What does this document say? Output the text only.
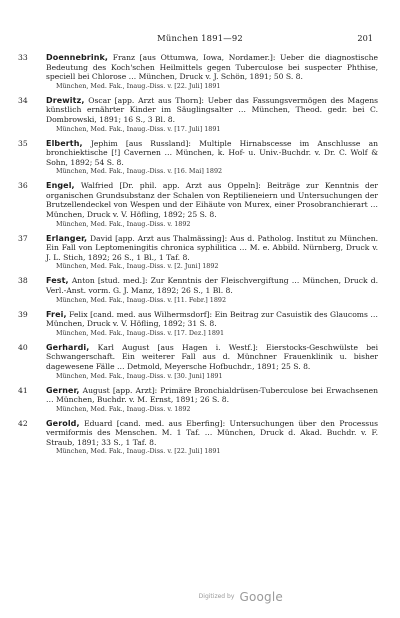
München 1891—92	201
33 Doennebrink, Franz [aus Ottumwa, Iowa, Nordamer.]: Ueber die diagnostische Bedeutung des Koch'schen Heilmittels gegen Tuberculose bei suspecter Phthise, speciell bei Chlorose … München, Druck v. J. Schön, 1891; 50 S. 8.
München, Med. Fak., Inaug.-Diss. v. [22. Juli] 1891
34 Drewitz, Oscar [app. Arzt aus Thorn]: Ueber das Fassungsvermögen des Magens künstlich ernährter Kinder im Säuglingsalter … München, Theod. gedr. bei C. Dombrowski, 1891; 16 S., 3 Bl. 8.
München, Med. Fak., Inaug.-Diss. v. [17. Juli] 1891
35 Elberth, Jephim [aus Russland]: Multiple Hirnabscesse im Anschlusse an bronchiektische [!] Cavernen … München, k. Hof- u. Univ.-Buchdr. v. Dr. C. Wolf & Sohn, 1892; 54 S. 8.
München, Med. Fak., Inaug.-Diss. v. [16. Mai] 1892
36 Engel, Walfried [Dr. phil. app. Arzt aus Oppeln]: Beiträge zur Kenntnis der organischen Grundsubstanz der Schalen von Reptilieneiern und Untersuchungen der Brutzellendeckel von Wespen und der Eihäute von Murex, einer Prosobranchierart … München, Druck v. V. Höfling, 1892; 25 S. 8.
München, Med. Fak., Inaug.-Diss. v. 1892
37 Erlanger, David [app. Arzt aus Thalmässing]: Aus d. Patholog. Institut zu München. Ein Fall von Leptomeningitis chronica syphilitica … M. e. Abbild. Nürnberg, Druck v. J. L. Stich, 1892; 26 S., 1 Bl., 1 Taf. 8.
München, Med. Fak., Inaug.-Diss. v. [2. Juni] 1892
38 Fest, Anton [stud. med.]: Zur Kenntnis der Fleischvergiftung … München, Druck d. Verl.-Anst. vorm. G. J. Manz, 1892; 26 S., 1 Bl. 8.
München, Med. Fak., Inaug.-Diss. v. [11. Febr.] 1892
39 Frei, Felix [cand. med. aus Wilhermsdorf]: Ein Beitrag zur Casuistik des Glaucoms … München, Druck v. V. Höfling, 1892; 31 S. 8.
München, Med. Fak., Inaug.-Diss. v. [17. Dez.] 1891
40 Gerhardi, Karl August [aus Hagen i. Westf.]: Eierstocks-Geschwülste bei Schwangerschaft. Ein weiterer Fall aus d. Münchner Frauenklinik u. bisher dagewesene Fälle … Detmold, Meyersche Hofbuchdr., 1891; 25 S. 8.
München, Med. Fak., Inaug.-Diss. v. [30. Juni] 1891
41 Gerner, August [app. Arzt]: Primäre Bronchialdrüsen-Tuberculose bei Erwachsenen … München, Buchdr. v. M. Ernst, 1891; 26 S. 8.
München, Med. Fak., Inaug.-Diss. v. 1892
42 Gerold, Eduard [cand. med. aus Eberfing]: Untersuchungen über den Processus vermiformis des Menschen. M. 1 Taf. … München, Druck d. Akad. Buchdr. v. F. Straub, 1891; 33 S., 1 Taf. 8.
München, Med. Fak., Inaug.-Diss. v. [22. Juli] 1891
Digitized by Google
